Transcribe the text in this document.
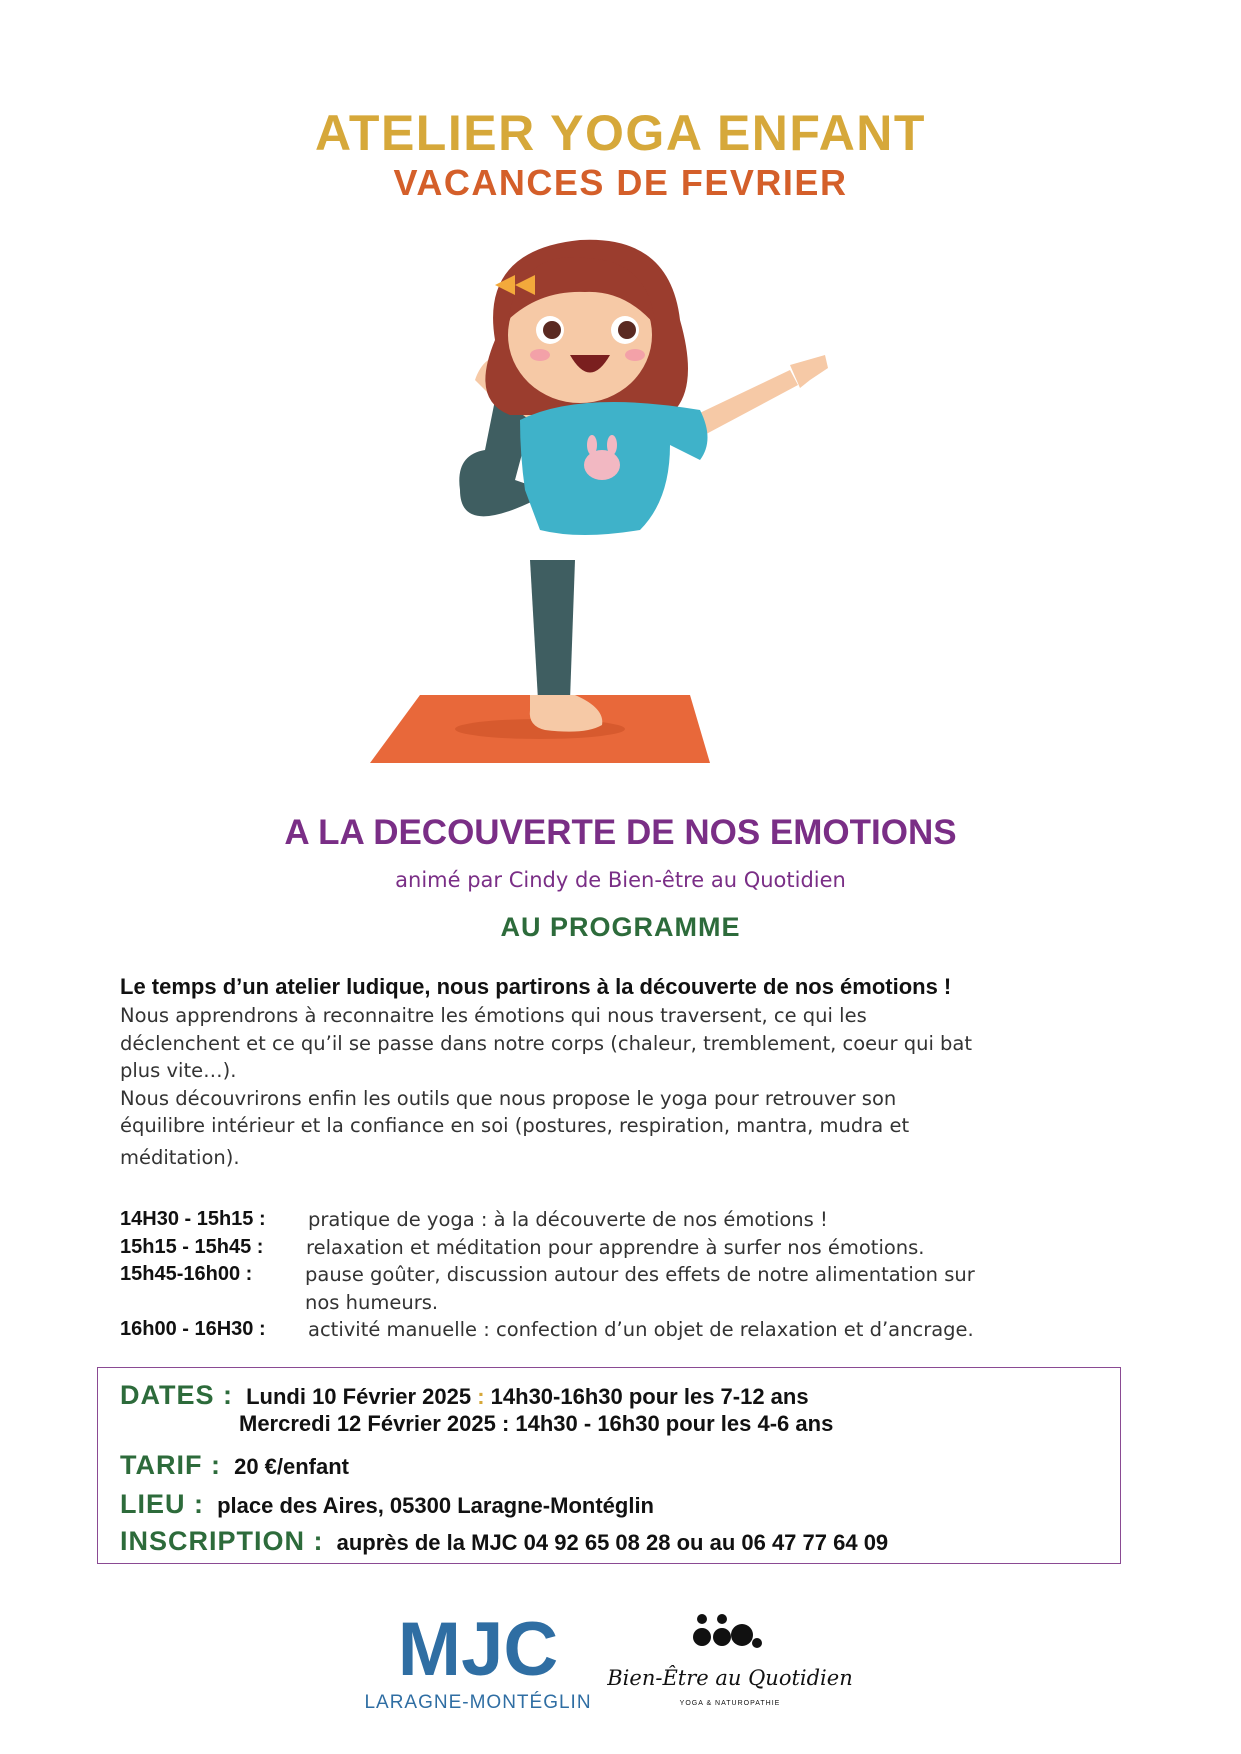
ATELIER YOGA ENFANT
VACANCES DE FEVRIER
A LA DECOUVERTE DE NOS EMOTIONS
animé par Cindy de Bien-être au Quotidien
AU PROGRAMME

Le temps d’un atelier ludique, nous partirons à la découverte de nos émotions !

Nous apprendrons à reconnaitre les émotions qui nous traversent, ce qui les

déclenchent et ce qu’il se passe dans notre corps (chaleur, tremblement, coeur qui bat

plus vite…).

Nous découvrirons enfin les outils que nous propose le yoga pour retrouver son

équilibre intérieur et la confiance en soi (postures, respiration, mantra, mudra et

méditation).

14H30 - 15h15 : pratique de yoga : à la découverte de nos émotions !
15h15 - 15h45 : relaxation et méditation pour apprendre à surfer nos émotions.
15h45-16h00 :	pause goûter, discussion autour des effets de notre alimentation sur
nos humeurs.
16h00 - 16H30 : activité manuelle : confection d’un objet de relaxation et d’ancrage.
DATES : Lundi 10 Février 2025 : 14h30-16h30 pour les 7-12 ans
Mercredi 12 Février 2025 : 14h30 - 16h30 pour les 4-6 ans
TARIF : 20 €/enfant
LIEU : place des Aires, 05300 Laragne-Montéglin
INSCRIPTION : auprès de la MJC 04 92 65 08 28 ou au 06 47 77 64 09
MJC
LARAGNE-MONTÉGLIN
Bien-Être au Quotidien
YOGA & NATUROPATHIE
